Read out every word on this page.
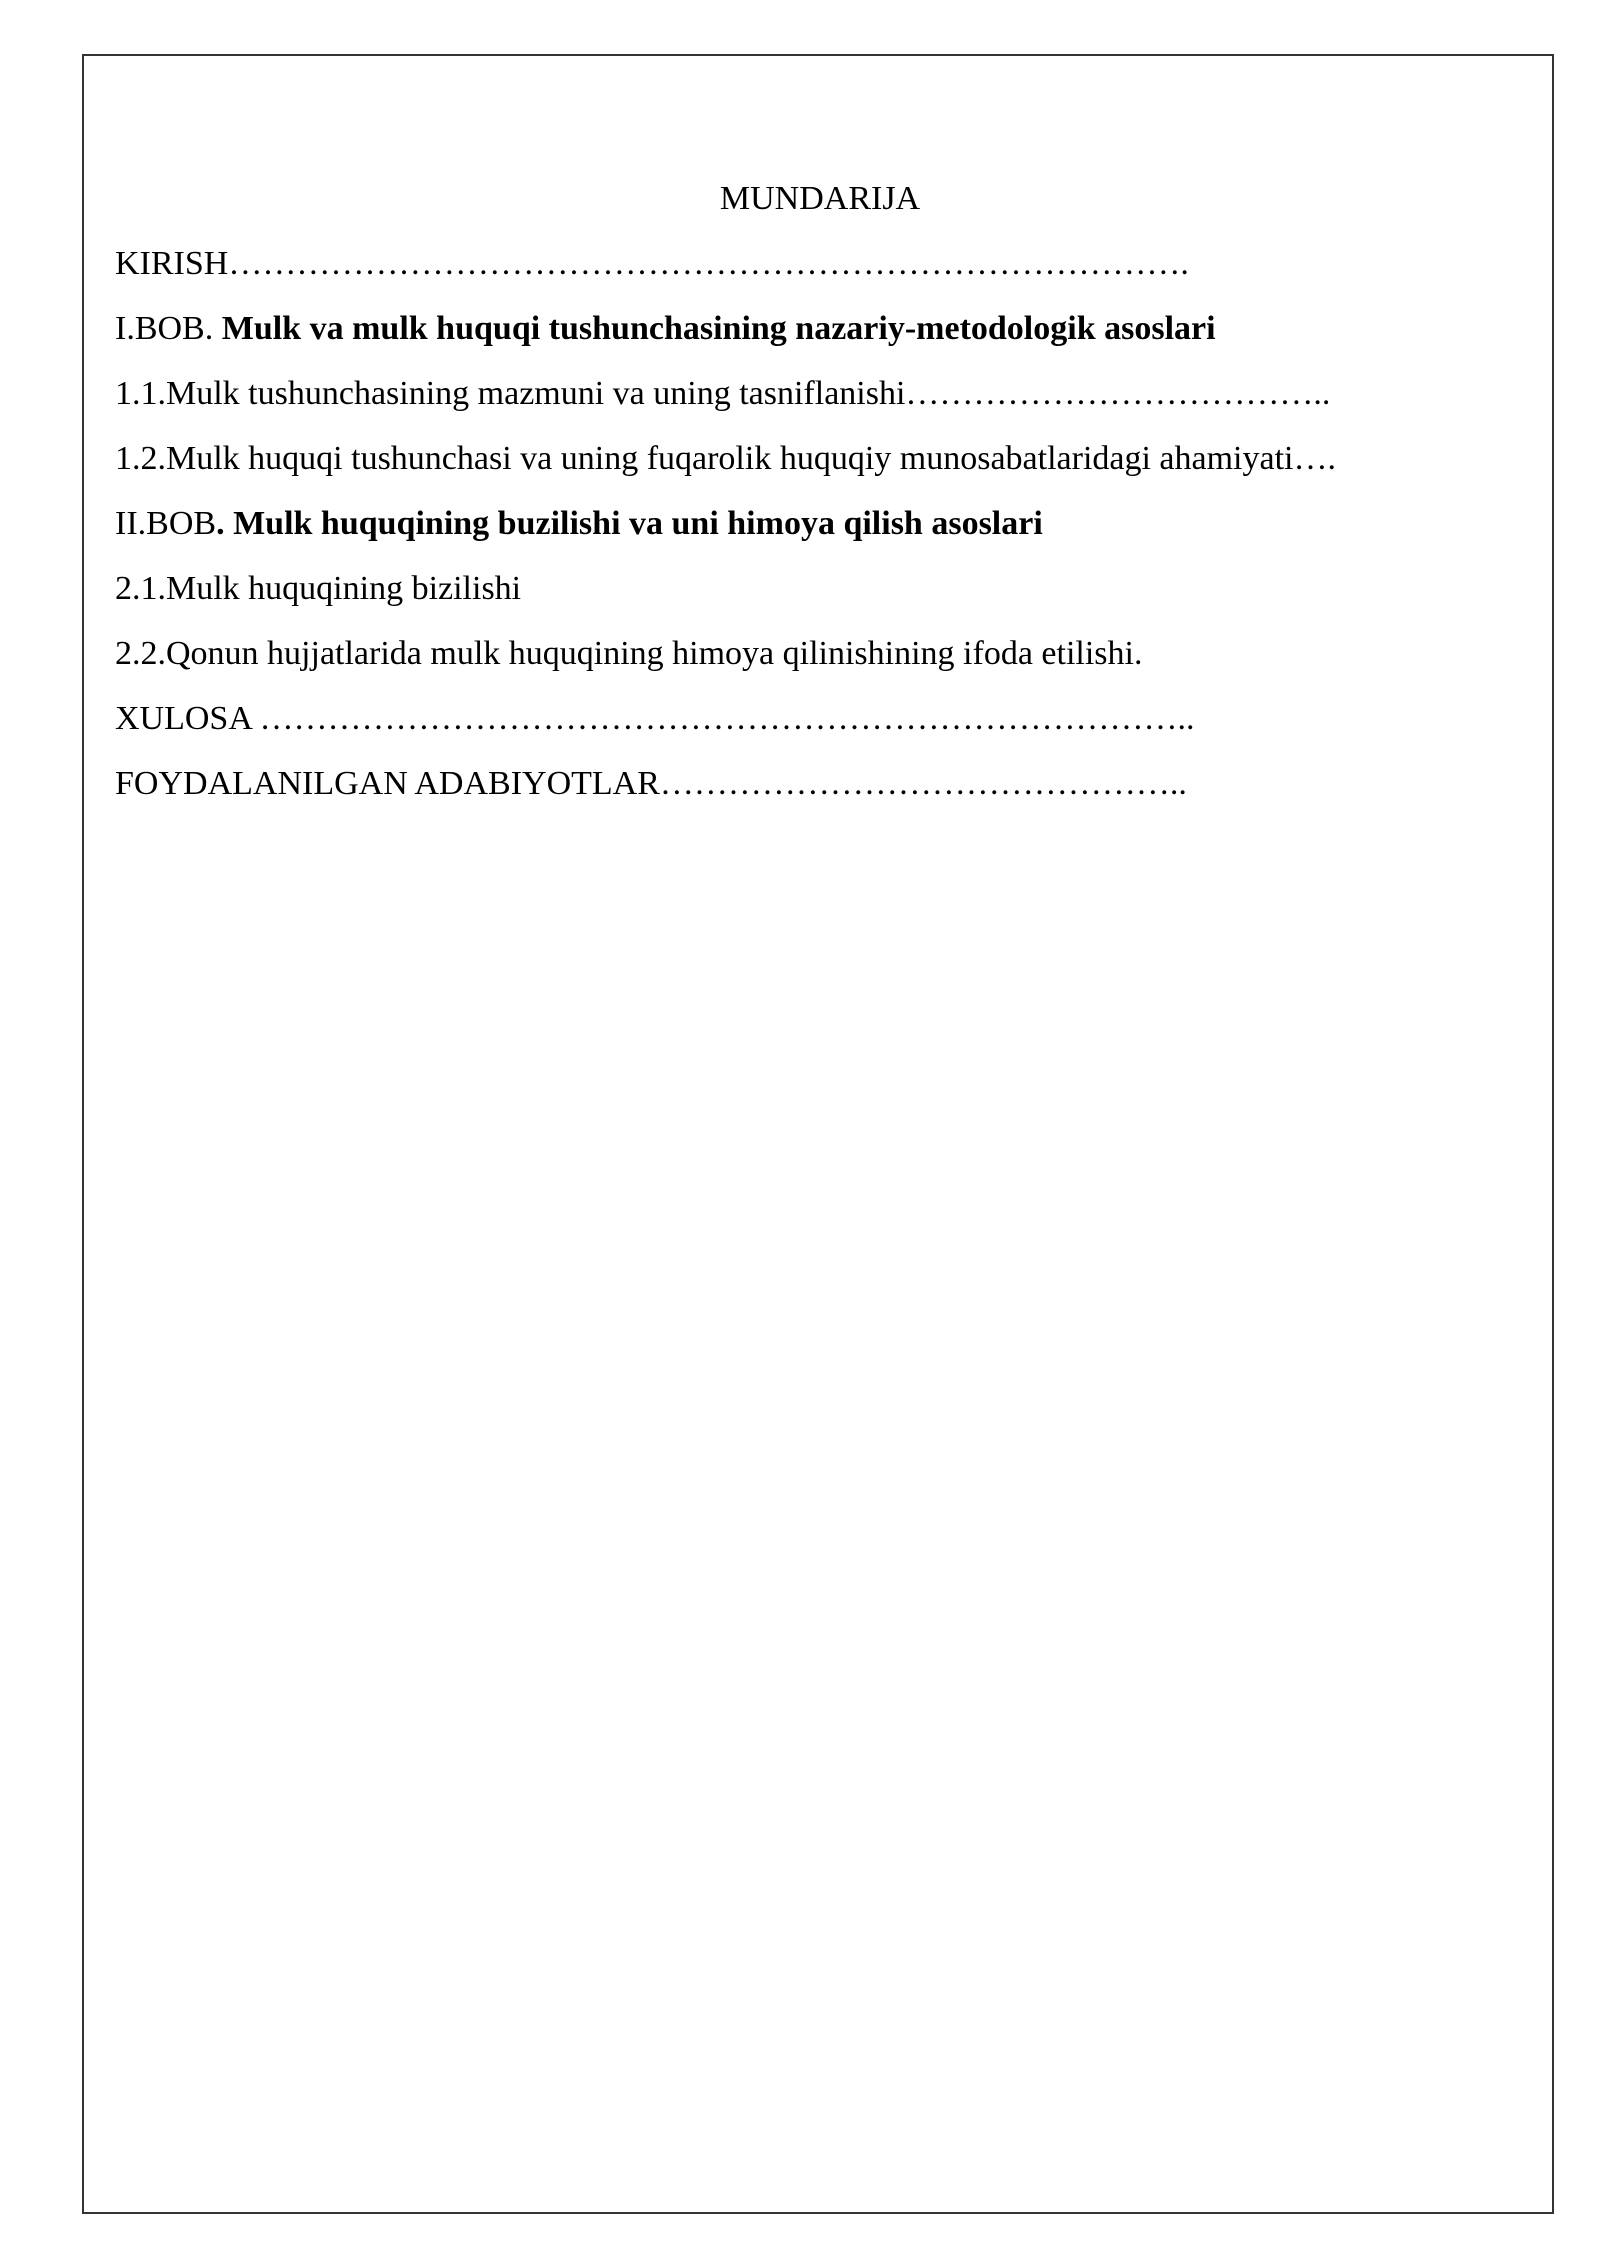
MUNDARIJA
KIRISH………………………………………………………………………….
I.BOB. Mulk va mulk huquqi tushunchasining nazariy-metodologik asoslari
1.1.Mulk tushunchasining mazmuni va uning tasniflanishi………………………………..
1.2.Mulk huquqi tushunchasi va uning fuqarolik huquqiy munosabatlaridagi ahamiyati….
II.BOB. Mulk huquqining buzilishi va uni himoya qilish asoslari
2.1.Mulk huquqining bizilishi
2.2.Qonun hujjatlarida mulk huquqining himoya qilinishining ifoda etilishi.
XULOSA ………………………………………………………………………..
FOYDALANILGAN ADABIYOTLAR………………………………………..
